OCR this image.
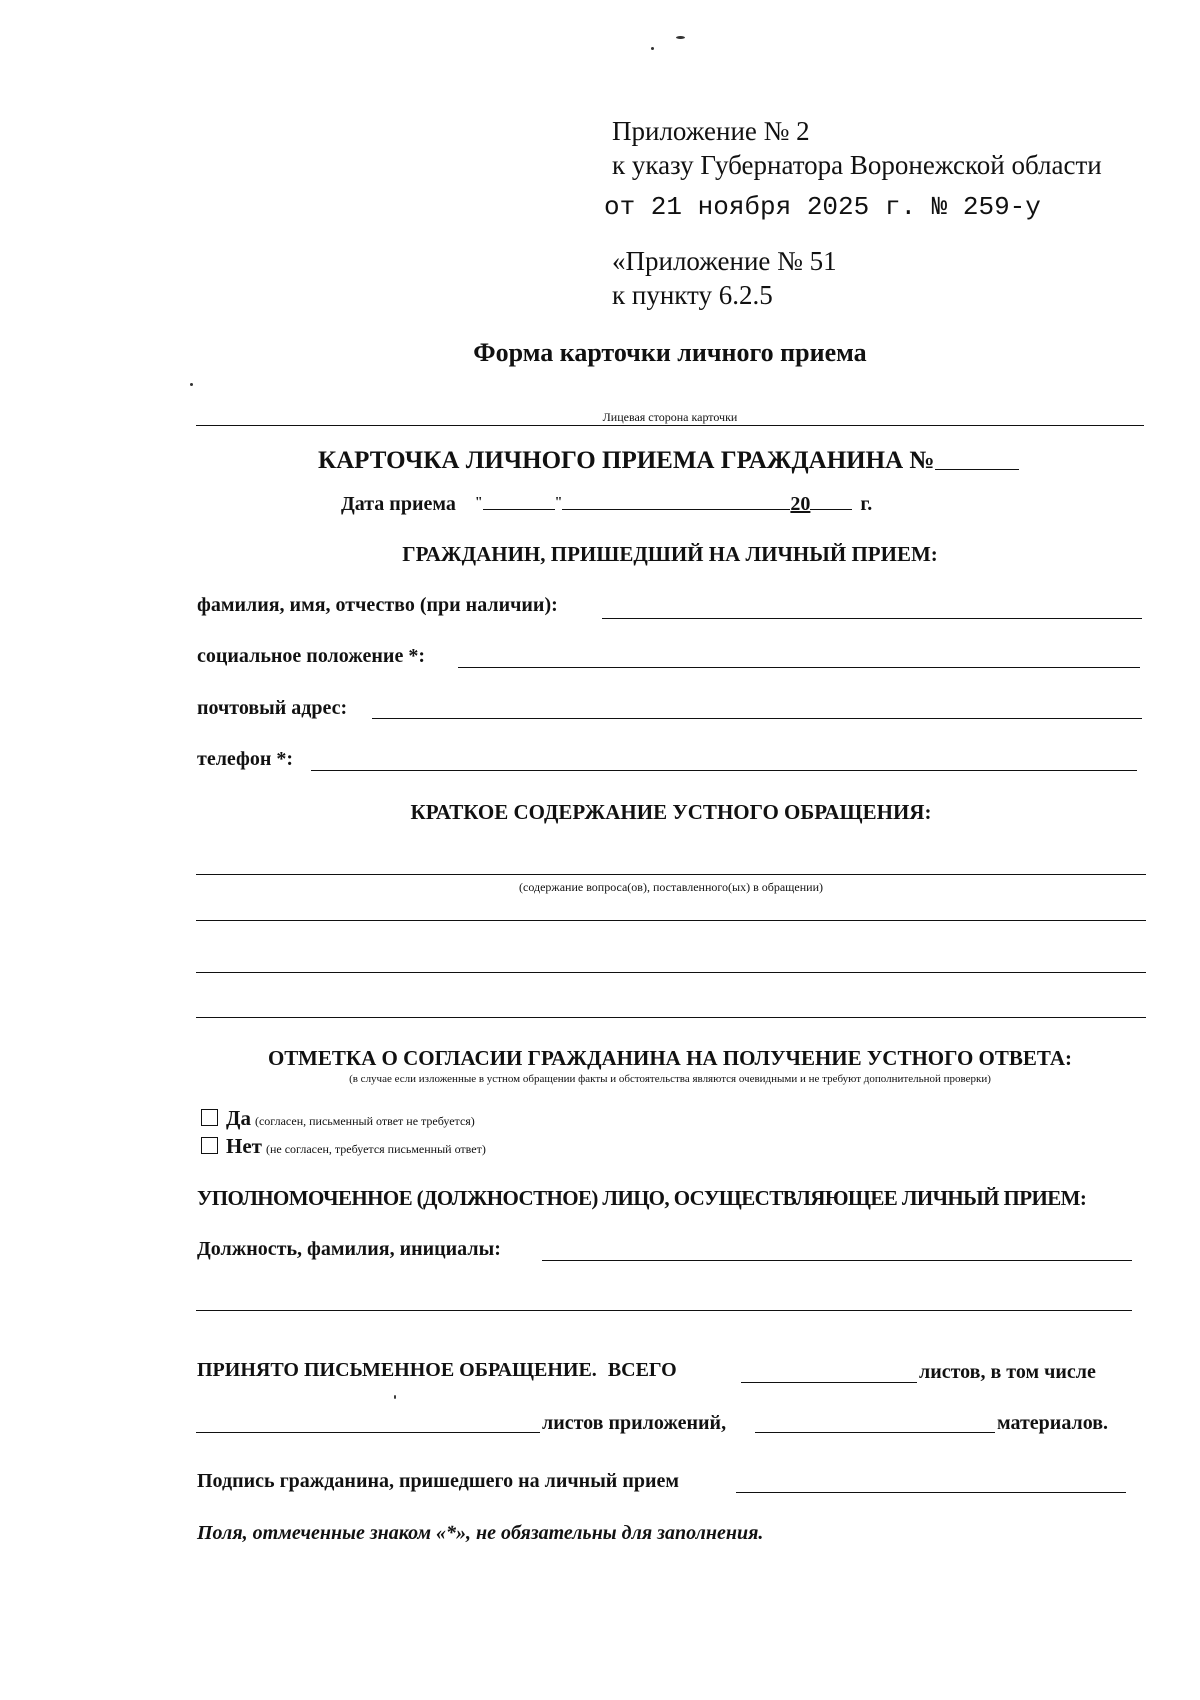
Приложение № 2
к указу Губернатора Воронежской области
от 21 ноября 2025 г. № 259-у
«Приложение № 51
к пункту 6.2.5
Форма карточки личного приема
Лицевая сторона карточки
КАРТОЧКА ЛИЧНОГО ПРИЕМА ГРАЖДАНИНА №
Дата приема "	"	20	г.
ГРАЖДАНИН, ПРИШЕДШИЙ НА ЛИЧНЫЙ ПРИЕМ:
фамилия, имя, отчество (при наличии):
социальное положение *:
почтовый адрес:
телефон *:
КРАТКОЕ СОДЕРЖАНИЕ УСТНОГО ОБРАЩЕНИЯ:
(содержание вопроса(ов), поставленного(ых) в обращении)
ОТМЕТКА О СОГЛАСИИ ГРАЖДАНИНА НА ПОЛУЧЕНИЕ УСТНОГО ОТВЕТА:
(в случае если изложенные в устном обращении факты и обстоятельства являются очевидными и не требуют дополнительной проверки)
Да (согласен, письменный ответ не требуется)
Нет (не согласен, требуется письменный ответ)
УПОЛНОМОЧЕННОЕ (ДОЛЖНОСТНОЕ) ЛИЦО, ОСУЩЕСТВЛЯЮЩЕЕ ЛИЧНЫЙ ПРИЕМ:
Должность, фамилия, инициалы:
ПРИНЯТО ПИСЬМЕННОЕ ОБРАЩЕНИЕ. ВСЕГО	листов, в том числе
листов приложений,	материалов.
Подпись гражданина, пришедшего на личный прием
Поля, отмеченные знаком «*», не обязательны для заполнения.
